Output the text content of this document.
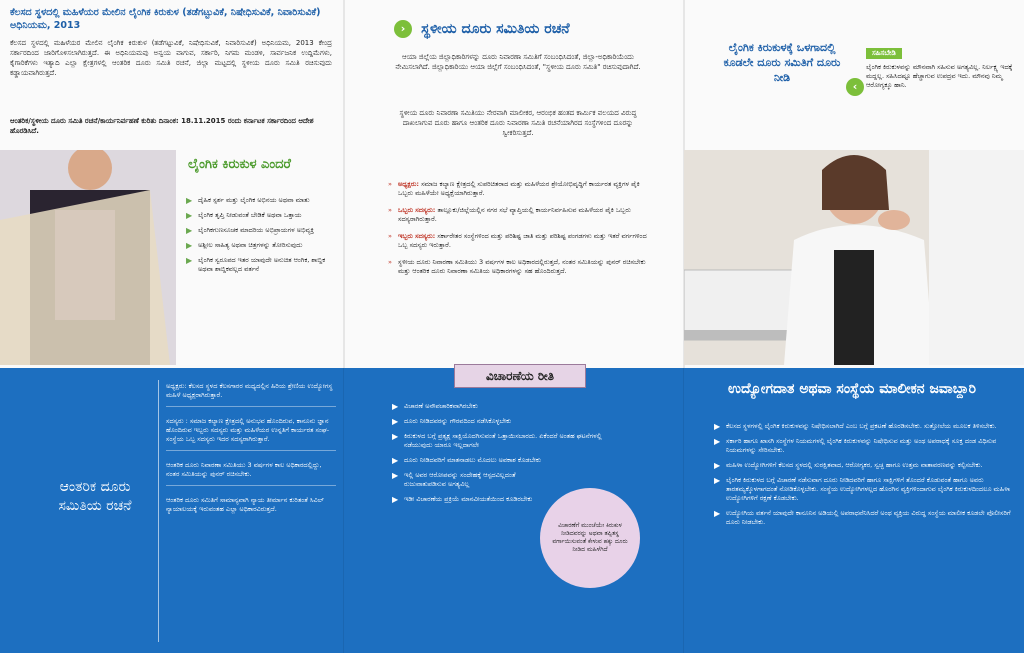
ಕೆಲಸದ ಸ್ಥಳದಲ್ಲಿ ಮಹಿಳೆಯರ ಮೇಲಿನ ಲೈಂಗಿಕ ಕಿರುಕುಳ (ತಡೆಗಟ್ಟುವಿಕೆ, ನಿಷೇಧಿಸುವಿಕೆ, ನಿವಾರಿಸುವಿಕೆ) ಅಧಿನಿಯಮ, 2013
ಕೆಲಸದ ಸ್ಥಳದಲ್ಲಿ ಮಹಿಳೆಯರ ಮೇಲಿನ ಲೈಂಗಿಕ ಕಿರುಕುಳ (ತಡೆಗಟ್ಟುವಿಕೆ, ನಿಷೇಧಿಸುವಿಕೆ, ನಿವಾರಿಸುವಿಕೆ) ಅಧಿನಿಯಮ, 2013 ಕೇಂದ್ರ ಸರ್ಕಾರದಿಂದ ಜಾರಿಗೊಳಿಸಲಾಗಿರುತ್ತದೆ. ಈ ಅಧಿನಿಯಮವು ಅನ್ವಯ ವಾಗುವ, ಸರ್ಕಾರಿ, ನಿಗಮ ಮಂಡಳಿ, ಸಾರ್ವಜನಿಕ ಉದ್ದಿಮೆಗಳು, ಕೈಗಾರಿಕೆಗಳು ಇತ್ಯಾದಿ ಎಲ್ಲಾ ಕ್ಷೇತ್ರಗಳಲ್ಲಿ ಆಂತರಿಕ ದೂರು ಸಮಿತಿ ರಚನೆ, ಜಿಲ್ಲಾ ಮಟ್ಟದಲ್ಲಿ ಸ್ಥಳೀಯ ದೂರು ಸಮಿತಿ ರಚಿಸುವುದು ಕಡ್ಡಾಯವಾಗಿರುತ್ತದೆ.
ಆಂತರಿಕ/ಸ್ಥಳೀಯ ದೂರು ಸಮಿತಿ ರಚನೆ/ಕಾರ್ಯನಿರ್ವಹಣೆ ಕುರಿತು ದಿನಾಂಕ: 18.11.2015 ರಂದು ಕರ್ನಾಟಕ ಸರ್ಕಾರದಿಂದ ಆದೇಶ ಹೊರಡಿಸಿದೆ.
ಲೈಂಗಿಕ ಕಿರುಕುಳ ಎಂದರೆ
▶ ದೈಹಿಕ ಸ್ಪರ್ಶ ಮತ್ತು ಲೈಂಗಿಕ ಅಭಿನಯ ಅಥವಾ ಮಾತು
▶ ಲೈಂಗಿಕ ತೃಪ್ತಿ ನೀಡುವಂತೆ ಬೇಡಿಕೆ ಅಥವಾ ಒತ್ತಾಯ
▶ ಲೈಂಗಿಕಗುಣಸೂಚಕ ಮಾದರಿಯ ಅಭಿಪ್ರಾಯಗಳ ಅಭಿವ್ಯಕ್ತಿ
▶ ಅಶ್ಲೀಲ ಸಾಹಿತ್ಯ ಅಥವಾ ಚಿತ್ರಗಳನ್ನು ತೋರಿಸುವುದು
▶ ಲೈಂಗಿಕ ಸ್ವರೂಪದ ಇತರ ಯಾವುದೇ ಅನುಚಿತ ಆಂಗಿಕ, ಶಾಬ್ದಿಕ ಅಥವಾ ಶಾಬ್ದಿಕವಲ್ಲದ ವರ್ತನೆ
ಆಂತರಿಕ ದೂರು ಸಮಿತಿಯ ರಚನೆ
ಅಧ್ಯಕ್ಷರು: ಕೆಲಸದ ಸ್ಥಳದ ಕೆಲಸಗಾರರ ಮಧ್ಯದಲ್ಲಿನ ಹಿರಿಯ ಶ್ರೇಣಿಯ ಉದ್ಯೋಗಸ್ಥ ಮಹಿಳೆ ಅಧ್ಯಕ್ಷರಾಗಿರುತ್ತಾರೆ.
ಸದಸ್ಯರು : ಸಮಾಜ ಕಲ್ಯಾಣ ಕ್ಷೇತ್ರದಲ್ಲಿ ಅನುಭವ ಹೊಂದಿರುವ, ಕಾನೂನು ಜ್ಞಾನ ಹೊಂದಿರುವ ಇಬ್ಬರು ಸದಸ್ಯರು ಮತ್ತು ಮಹಿಳೆಯರ ಉನ್ನತಿಗೆ ಕಾರ್ಯರತ ಸಂಘ-ಸಂಸ್ಥೆಯ ಒಬ್ಬ ಸದಸ್ಯರು ಇದರ ಸದಸ್ಯರಾಗಿರುತ್ತಾರೆ.
ಆಂತರಿಕ ದೂರು ನಿವಾರಣಾ ಸಮಿತಿಯು 3 ವರ್ಷಗಳ ಕಾಲ ಅಧಿಕಾರದಲ್ಲಿದ್ದು, ನಂತರ ಸಮಿತಿಯನ್ನು ಪುನರ್ ರಚಿಸಬೇಕು.
ಆಂತರಿಕ ದೂರು ಸಮಿತಿಗೆ ಸಾಮಾನ್ಯವಾಗಿ ನ್ಯಾಯ ತೀರ್ಮಾನ ಕುರಿತಂತೆ ಸಿವಿಲ್ ನ್ಯಾಯಾಲಯಕ್ಕೆ ಇರುವಂತಹ ಎಲ್ಲಾ ಅಧಿಕಾರವಿರುತ್ತದೆ.
› ಸ್ಥಳೀಯ ದೂರು ಸಮಿತಿಯ ರಚನೆ
ಆಯಾ ಜಿಲ್ಲೆಯ ಜಿಲ್ಲಾಧಿಕಾರಿಗಳನ್ನು ದೂರು ನಿವಾರಣಾ ಸಮಿತಿಗೆ ಸಂಬಂಧಿಸಿದಂತೆ, ಜಿಲ್ಲಾ-ಅಧಿಕಾರಿಯೆಂದು ನೇಮಿಸಲಾಗಿದೆ. ಜಿಲ್ಲಾಧಿಕಾರಿಯು ಆಯಾ ಜಿಲ್ಲೆಗೆ ಸಂಬಂಧಿಸಿದಂತೆ, "ಸ್ಥಳೀಯ ದೂರು ಸಮಿತಿ" ರಚಿಸುವುದಾಗಿದೆ.
ಸ್ಥಳೀಯ ದೂರು ನಿವಾರಣಾ ಸಮಿತಿಯು ನೇರವಾಗಿ ಮಾಲೀಕರ, ಆರಂಭಿಕ ಹಂತದ ಕಾರ್ಮಿಕ ವಲಯದ ವಿರುದ್ಧ ದಾಖಲಾಗುವ ದೂರು ಹಾಗೂ ಆಂತರಿಕ ದೂರು ನಿವಾರಣಾ ಸಮಿತಿ ರಚನೆಯಾಗಿರದ ಸಂಸ್ಥೆಗಳಿಂದ ದೂರನ್ನು ಸ್ವೀಕರಿಸುತ್ತದೆ.
» ಅಧ್ಯಕ್ಷರು: ಸಮಾಜ ಕಲ್ಯಾಣ ಕ್ಷೇತ್ರದಲ್ಲಿ ಸುಪರಿಚಿತರಾದ ಮತ್ತು ಮಹಿಳೆಯರ ಶ್ರೇಯೋಭಿವೃದ್ಧಿಗೆ ಕಾರ್ಯರತ ವ್ಯಕ್ತಿಗಳ ಪೈಕಿ ಒಬ್ಬರು ಮಹಿಳೆಯೇ ಅಧ್ಯಕ್ಷೆಯಾಗಿರುತ್ತಾರೆ.
» ಒಬ್ಬರು ಸದಸ್ಯರು: ತಾಲ್ಲೂಕು/ಜಿಲ್ಲೆಯಲ್ಲಿನ ನಗರ ಸಭೆ ವ್ಯಾಪ್ತಿಯಲ್ಲಿ ಕಾರ್ಯನಿರ್ವಹಿಸುವ ಮಹಿಳೆಯರ ಪೈಕಿ ಒಬ್ಬರು ಸದಸ್ಯರಾಗಿರುತ್ತಾರೆ.
» ಇಬ್ಬರು ಸದಸ್ಯರು: ಸರ್ಕಾರೇತರ ಸಂಸ್ಥೆಗಳಿಂದ ಮತ್ತು ಪರಿಶಿಷ್ಟ ಜಾತಿ ಮತ್ತು ಪರಿಶಿಷ್ಟ ಪಂಗಡಗಳು ಮತ್ತು ಇತರೆ ವರ್ಗಗಳಿಂದ ಒಬ್ಬ ಸದಸ್ಯರು ಇರುತ್ತಾರೆ.
» ಸ್ಥಳೀಯ ದೂರು ನಿವಾರಣಾ ಸಮಿತಿಯು 3 ವರ್ಷಗಳ ಕಾಲ ಅಧಿಕಾರದಲ್ಲಿರುತ್ತದೆ, ನಂತರ ಸಮಿತಿಯನ್ನು ಪುನರ್ ರಚಿಸಬೇಕು ಮತ್ತು ಆಂತರಿಕ ದೂರು ನಿವಾರಣಾ ಸಮಿತಿಯ ಅಧಿಕಾರಗಳನ್ನು ಸಹ ಹೊಂದಿರುತ್ತದೆ.
ವಿಚಾರಣೆಯ ರೀತಿ
▶ ವಿಚಾರಣೆ ಅನೌಪಚಾರಿಕವಾಗಿರಬೇಕು
▶ ದೂರು ನೀಡಿದವರನ್ನು ಗೌರವದಿಂದ ನಡೆಸಿಕೊಳ್ಳಬೇಕು
▶ ಕಿರುಕುಳದ ಬಗ್ಗೆ ಪ್ರತ್ಯಕ್ಷ ಸಾಕ್ಷಿಯೊದಗಿಸುವಂತೆ ಒತ್ತಾಯಿಸಬಾರದು. ಏಕೆಂದರೆ ಅಂತಹ ಘಟನೆಗಳಲ್ಲಿ ನಡೆಯುವುದು ಯಾರೂ ಇಲ್ಲದಾಗಲೇ
▶ ದೂರು ನೀಡಿದವರಿಗೆ ಮಾತನಾಡಲು ಮೊದಲು ಅವಕಾಶ ಕೊಡಬೇಕು
▶ ಇಲ್ಲಿ ಅವರ ಆರೋಪವನ್ನು ಸಂದೇಹಕ್ಕೆ ಆಸ್ಪದವಿಲ್ಲದಂತೆ ರುಜುವಾತುಪಡಿಸುವ ಅಗತ್ಯವಿಲ್ಲ
▶ ಇಡೀ ವಿಚಾರಣೆಯ ಪ್ರಕ್ರಿಯೆ ಮಾನವೀಯತೆಯಿಂದ ಕೂಡಿರಬೇಕು
ವಿಚಾರಣೆಗೆ ಮುಂಚೆಯೇ ಕಿರುಕುಳ ನೀಡಿದವರನ್ನು ಅಥವಾ ತಪ್ಪಿತಸ್ಥ ವರ್ಗಾಯಿಸುವಂತೆ ಕೇಳುವ ಹಕ್ಕು ದೂರು ನೀಡಿದ ಮಹಿಳೆಗಿದೆ
ಲೈಂಗಿಕ ಕಿರುಕುಳಕ್ಕೆ ಒಳಗಾದಲ್ಲಿ ಕೂಡಲೇ ದೂರು ಸಮಿತಿಗೆ ದೂರು ನೀಡಿ
‹
ಸಹಿಸಬೇಡಿ
ಲೈಂಗಿಕ ಕಿರುಕುಳವನ್ನು ಮೌನವಾಗಿ ಸಹಿಸುವ ಅಗತ್ಯವಿಲ್ಲ. ನಿರ್ಲಕ್ಷ್ಯ ಇದಕ್ಕೆ ಮದ್ದಲ್ಲ. ಸಹಿಸಿದಷ್ಟೂ ಹೆಚ್ಚಾಗುವ ಉಪದ್ರವ ಇದು. ಮೌನವು ನಿಮ್ಮ ಆರೋಗ್ಯಕ್ಕೂ ಹಾನಿ.
ಉದ್ಯೋಗದಾತ ಅಥವಾ ಸಂಸ್ಥೆಯ ಮಾಲೀಕನ ಜವಾಬ್ದಾರಿ
▶ ಕೆಲಸದ ಸ್ಥಳಗಳಲ್ಲಿ ಲೈಂಗಿಕ ಕಿರುಕುಳವನ್ನು ನಿಷೇಧಿಸಲಾಗಿದೆ ಎಂಬ ಬಗ್ಗೆ ಪ್ರಕಟಣೆ ಹೊರಡಿಸಬೇಕು. ಸುತ್ತೋಲೆಯ ಮೂಲಕ ತಿಳಿಸಬೇಕು.
▶ ಸರ್ಕಾರಿ ಹಾಗೂ ಖಾಸಗಿ ಸಂಸ್ಥೆಗಳ ನಿಯಮಗಳಲ್ಲಿ ಲೈಂಗಿಕ ಕಿರುಕುಳವನ್ನು ನಿಷೇಧಿಸುವ ಮತ್ತು ಅಂಥ ಅಪರಾಧಕ್ಕೆ ಸೂಕ್ತ ದಂಡ ವಿಧಿಸುವ ನಿಯಮಗಳನ್ನು ಸೇರಿಸಬೇಕು.
▶ ಮಹಿಳಾ ಉದ್ಯೋಗಿಗಳಿಗೆ ಕೆಲಸದ ಸ್ಥಳದಲ್ಲಿ ಸುರಕ್ಷಿತವಾದ, ಆರೋಗ್ಯಕರ, ಸ್ವಚ್ಛ ಹಾಗೂ ಉತ್ತಮ ವಾತಾವರಣವನ್ನು ಕಲ್ಪಿಸಬೇಕು.
▶ ಲೈಂಗಿಕ ಕಿರುಕುಳದ ಬಗ್ಗೆ ವಿಚಾರಣೆ ನಡೆಸುವಾಗ ದೂರು ನೀಡಿದವರಿಗೆ ಹಾಗೂ ಸಾಕ್ಷಿಗಳಿಗೆ ತೊಂದರೆ ಕೊಡುವಂತೆ ಹಾಗೂ ಅವರು ತಾರತಮ್ಯಕ್ಕೊಳಗಾಗದಂತೆ ನೋಡಿಕೊಳ್ಳಬೇಕು. ಸಂಸ್ಥೆಯ ಉದ್ಯೋಗಿಗಳಲ್ಲದ ಹೊರಗಿನ ವ್ಯಕ್ತಿಗಳಿಂದಾಗುವ ಲೈಂಗಿಕ ಕಿರುಕುಳದಿಂದಲೂ ಮಹಿಳಾ ಉದ್ಯೋಗಿಗಳಿಗೆ ರಕ್ಷಣೆ ಕೊಡಬೇಕು.
▶ ಉದ್ಯೋಗಿಯ ವರ್ತನೆ ಯಾವುದೇ ಕಾನೂನಿನ ಅಡಿಯಲ್ಲಿ ಅಪರಾಧವೆನಿಸಿದರೆ ಅಂಥ ವ್ಯಕ್ತಿಯ ವಿರುದ್ಧ ಸಂಸ್ಥೆಯ ಮಾಲೀಕ ಕೂಡಲೇ ಪೊಲೀಸರಿಗೆ ದೂರು ನೀಡಬೇಕು.
